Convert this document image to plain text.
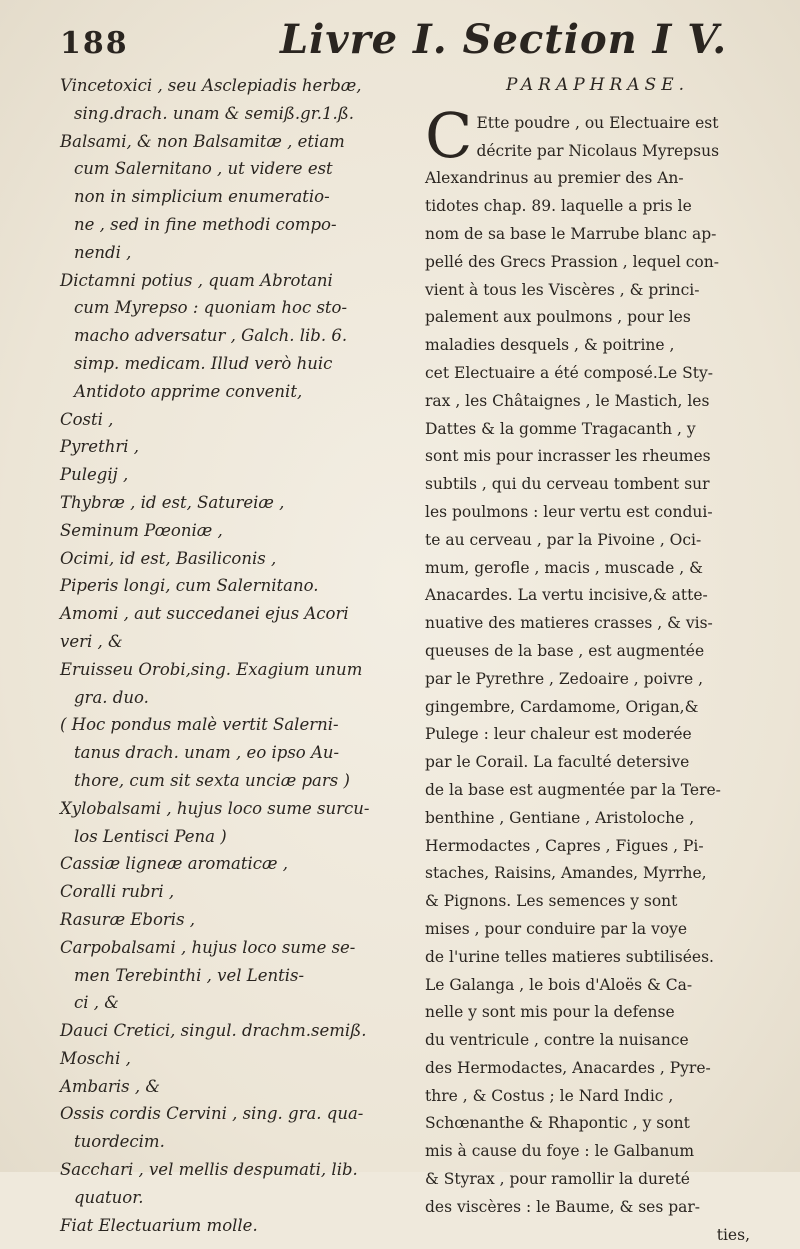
188	Livre I. Section I V.
Vincetoxici , seu Asclepiadis herbæ,
sing.drach. unam & semiß.gr.1.ß.
Balsami, & non Balsamitæ , etiam
cum Salernitano , ut videre est
non in simplicium enumeratio-
ne , sed in fine methodi compo-
nendi ,
Dictamni potius , quam Abrotani
cum Myrepso : quoniam hoc sto-
macho adversatur , Galch. lib. 6.
simp. medicam. Illud verò huic
Antidoto apprime convenit,
Costi ,
Pyrethri ,
Pulegij ,
Thybræ , id est, Satureiæ ,
Seminum Pœoniæ ,
Ocimi, id est, Basiliconis ,
Piperis longi, cum Salernitano.
Amomi , aut succedanei ejus Acori
veri , &
Eruisseu Orobi,sing. Exagium unum
gra. duo.
( Hoc pondus malè vertit Salerni-
tanus drach. unam , eo ipso Au-
thore, cum sit sexta unciæ pars )
Xylobalsami , hujus loco sume surcu-
los Lentisci Pena )
Cassiæ ligneæ aromaticæ ,
Coralli rubri ,
Rasuræ Eboris ,
Carpobalsami , hujus loco sume se-
men Terebinthi , vel Lentis-
ci , &
Dauci Cretici, singul. drachm.semiß.
Moschi ,
Ambaris , &
Ossis cordis Cervini , sing. gra. qua-
tuordecim.
Sacchari , vel mellis despumati, lib.
quatuor.
Fiat Electuarium molle.
PARAPHRASE.
C Ette poudre , ou Electuaire est
décrite par Nicolaus Myrepsus
Alexandrinus au premier des An-
tidotes chap. 89. laquelle a pris le
nom de sa base le Marrube blanc ap-
pellé des Grecs Prassion , lequel con-
vient à tous les Viscères , & princi-
palement aux poulmons , pour les
maladies desquels , & poitrine ,
cet Electuaire a été composé.Le Sty-
rax , les Châtaignes , le Mastich, les
Dattes & la gomme Tragacanth , y
sont mis pour incrasser les rheumes
subtils , qui du cerveau tombent sur
les poulmons : leur vertu est condui-
te au cerveau , par la Pivoine , Oci-
mum, gerofle , macis , muscade , &
Anacardes. La vertu incisive,& atte-
nuative des matieres crasses , & vis-
queuses de la base , est augmentée
par le Pyrethre , Zedoaire , poivre ,
gingembre, Cardamome, Origan,&
Pulege : leur chaleur est moderée
par le Corail. La faculté detersive
de la base est augmentée par la Tere-
benthine , Gentiane , Aristoloche ,
Hermodactes , Capres , Figues , Pi-
staches, Raisins, Amandes, Myrrhe,
& Pignons. Les semences y sont
mises , pour conduire par la voye
de l'urine telles matieres subtilisées.
Le Galanga , le bois d'Aloës & Ca-
nelle y sont mis pour la defense
du ventricule , contre la nuisance
des Hermodactes, Anacardes , Pyre-
thre , & Costus ; le Nard Indic ,
Schœnanthe & Rhapontic , y sont
mis à cause du foye : le Galbanum
& Styrax , pour ramollir la dureté
des viscères : le Baume, & ses par-
ties,
